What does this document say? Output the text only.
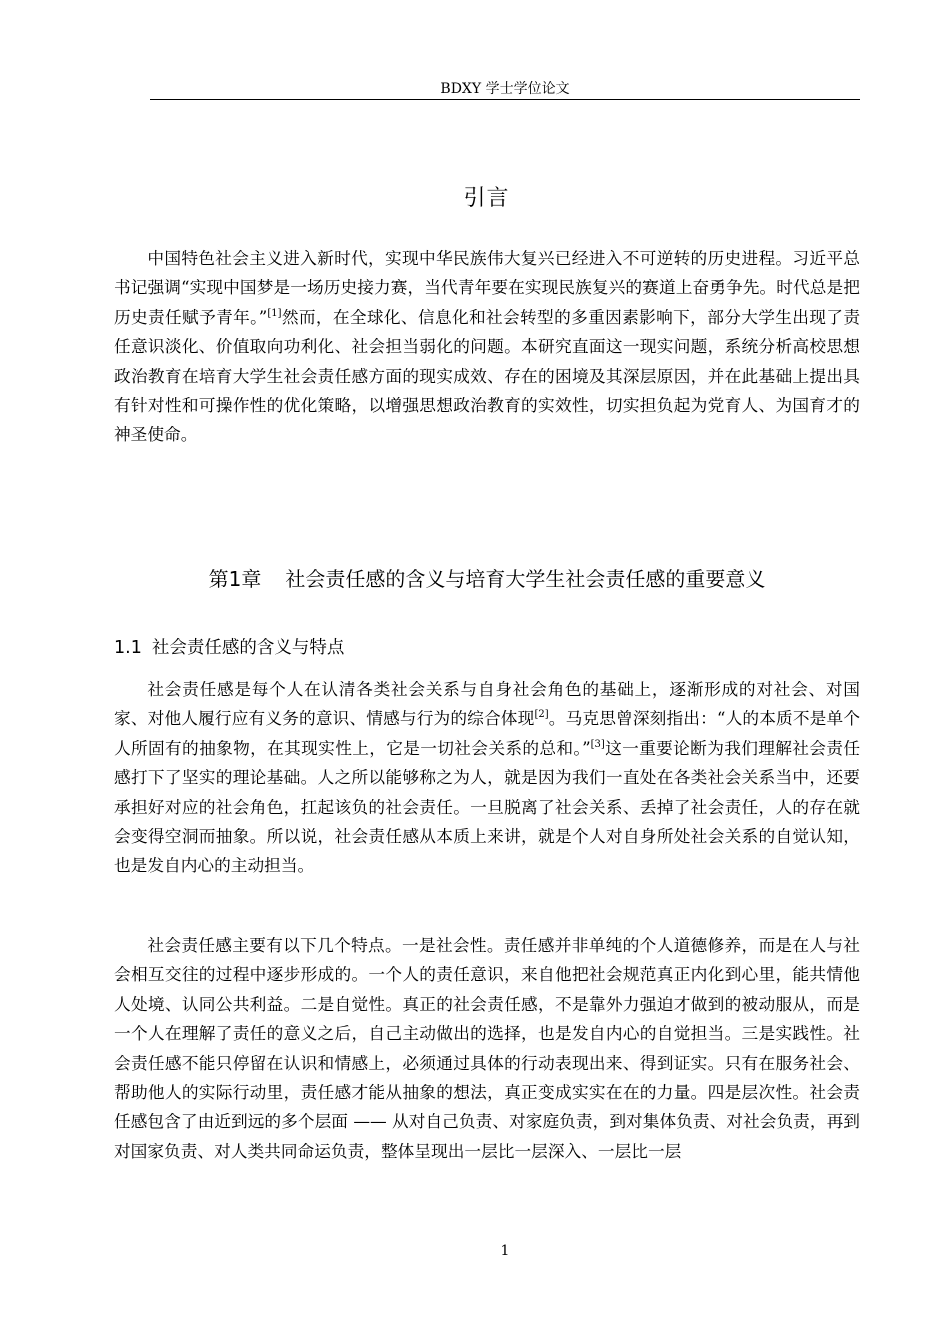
BDXY 学士学位论文
引言

中国特色社会主义进入新时代，实现中华民族伟大复兴已经进入不可逆转的历史进程。习近平总书记强调“实现中国梦是一场历史接力赛，当代青年要在实现民族复兴的赛道上奋勇争先。时代总是把历史责任赋予青年。”[1]然而，在全球化、信息化和社会转型的多重因素影响下，部分大学生出现了责任意识淡化、价值取向功利化、社会担当弱化的问题。本研究直面这一现实问题，系统分析高校思想政治教育在培育大学生社会责任感方面的现实成效、存在的困境及其深层原因，并在此基础上提出具有针对性和可操作性的优化策略，以增强思想政治教育的实效性，切实担负起为党育人、为国育才的神圣使命。

第1章 社会责任感的含义与培育大学生社会责任感的重要意义
1.1 社会责任感的含义与特点

社会责任感是每个人在认清各类社会关系与自身社会角色的基础上，逐渐形成的对社会、对国家、对他人履行应有义务的意识、情感与行为的综合体现[2]。马克思曾深刻指出：“人的本质不是单个人所固有的抽象物，在其现实性上，它是一切社会关系的总和。”[3]这一重要论断为我们理解社会责任感打下了坚实的理论基础。人之所以能够称之为人，就是因为我们一直处在各类社会关系当中，还要承担好对应的社会角色，扛起该负的社会责任。一旦脱离了社会关系、丢掉了社会责任，人的存在就会变得空洞而抽象。所以说，社会责任感从本质上来讲，就是个人对自身所处社会关系的自觉认知，也是发自内心的主动担当。

社会责任感主要有以下几个特点。一是社会性。责任感并非单纯的个人道德修养，而是在人与社会相互交往的过程中逐步形成的。一个人的责任意识，来自他把社会规范真正内化到心里，能共情他人处境、认同公共利益。二是自觉性。真正的社会责任感，不是靠外力强迫才做到的被动服从，而是一个人在理解了责任的意义之后，自己主动做出的选择，也是发自内心的自觉担当。三是实践性。社会责任感不能只停留在认识和情感上，必须通过具体的行动表现出来、得到证实。只有在服务社会、帮助他人的实际行动里，责任感才能从抽象的想法，真正变成实实在在的力量。四是层次性。社会责任感包含了由近到远的多个层面 —— 从对自己负责、对家庭负责，到对集体负责、对社会负责，再到对国家负责、对人类共同命运负责，整体呈现出一层比一层深入、一层比一层

1
